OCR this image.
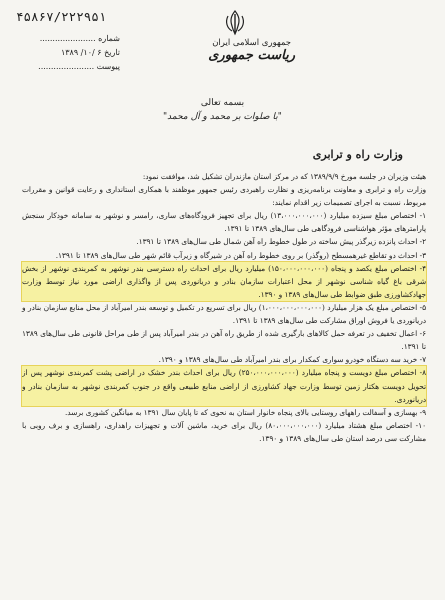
۴۵۸۶۷/۲۲۲۹۵۱
شماره ......................
تاریخ ۶ /۱۰/ ۱۳۸۹
پیوست ......................
جمهوری اسلامی ایران
ریاست جمهوری
بسمه تعالی
"با صلوات بر محمد و آل محمد"
وزارت راه و ترابری

هیئت وزیران در جلسه مورخ ۱۳۸۹/۹/۹ که در مرکز استان مازندران تشکیل شد، موافقت نمود:

وزارت راه و ترابری و معاونت برنامه‌ریزی و نظارت راهبردی رئیس جمهور موظفند با همکاری استانداری و رعایت قوانین و مقررات مربوط، نسبت به اجرای تصمیمات زیر اقدام نمایند:

۱- اختصاص مبلغ سیزده میلیارد (۱۳،۰۰۰،۰۰۰،۰۰۰) ریال برای تجهیز فرودگاه‌های ساری، رامسر و نوشهر به سامانه خودکار سنجش پارامترهای مؤثر هواشناسی فرودگاهی طی سال‌های ۱۳۸۹ تا ۱۳۹۱.

۲- احداث پانزده زیرگذر پیش ساخته در طول خطوط راه آهن شمال طی سال‌های ۱۳۸۹ تا ۱۳۹۱.

۳- احداث دو تقاطع غیرهمسطح (روگذر) بر روی خطوط راه آهن در شیرگاه و زیرآب قائم شهر طی سال‌های ۱۳۸۹ تا ۱۳۹۱.

۴- اختصاص مبلغ یکصد و پنجاه (۱۵۰،۰۰۰،۰۰۰،۰۰۰) میلیارد ریال برای احداث راه دسترسی بندر نوشهر به کمربندی نوشهر از بخش شرقی باغ گیاه شناسی نوشهر از محل اعتبارات سازمان بنادر و دریانوردی پس از واگذاری اراضی مورد نیاز توسط وزارت جهادکشاورزی طبق ضوابط طی سال‌های ۱۳۸۹ و ۱۳۹۰.

۵- اختصاص مبلغ یک هزار میلیارد (۱،۰۰۰،۰۰۰،۰۰۰،۰۰۰) ریال برای تسریع در تکمیل و توسعه بندر امیرآباد از محل منابع سازمان بنادر و دریانوردی یا فروش اوراق مشارکت طی سال‌های ۱۳۸۹ تا ۱۳۹۱.

۶- اعمال تخفیف در تعرفه حمل کالاهای بارگیری شده از طریق راه آهن در بندر امیرآباد پس از طی مراحل قانونی طی سال‌های ۱۳۸۹ تا ۱۳۹۱.

۷- خرید سه دستگاه خودرو سواری کمکدار برای بندر امیرآباد طی سال‌های ۱۳۸۹ و ۱۳۹۰.

۸- اختصاص مبلغ دویست و پنجاه میلیارد (۲۵۰،۰۰۰،۰۰۰،۰۰۰) ریال برای احداث بندر خشک در اراضی پشت کمربندی نوشهر پس از تحویل دویست هکتار زمین توسط وزارت جهاد کشاورزی از اراضی منابع طبیعی واقع در جنوب کمربندی نوشهر به سازمان بنادر و دریانوردی.

۹- بهسازی و آسفالت راههای روستایی بالای پنجاه خانوار استان به نحوی که تا پایان سال ۱۳۹۱ به میانگین کشوری برسد.

۱۰- اختصاص مبلغ هشتاد میلیارد (۸۰،۰۰۰،۰۰۰،۰۰۰) ریال برای خرید، ماشین آلات و تجهیزات راهداری، راهسازی و برف روبی با مشارکت سی درصد استان طی سال‌های ۱۳۸۹ و ۱۳۹۰.
